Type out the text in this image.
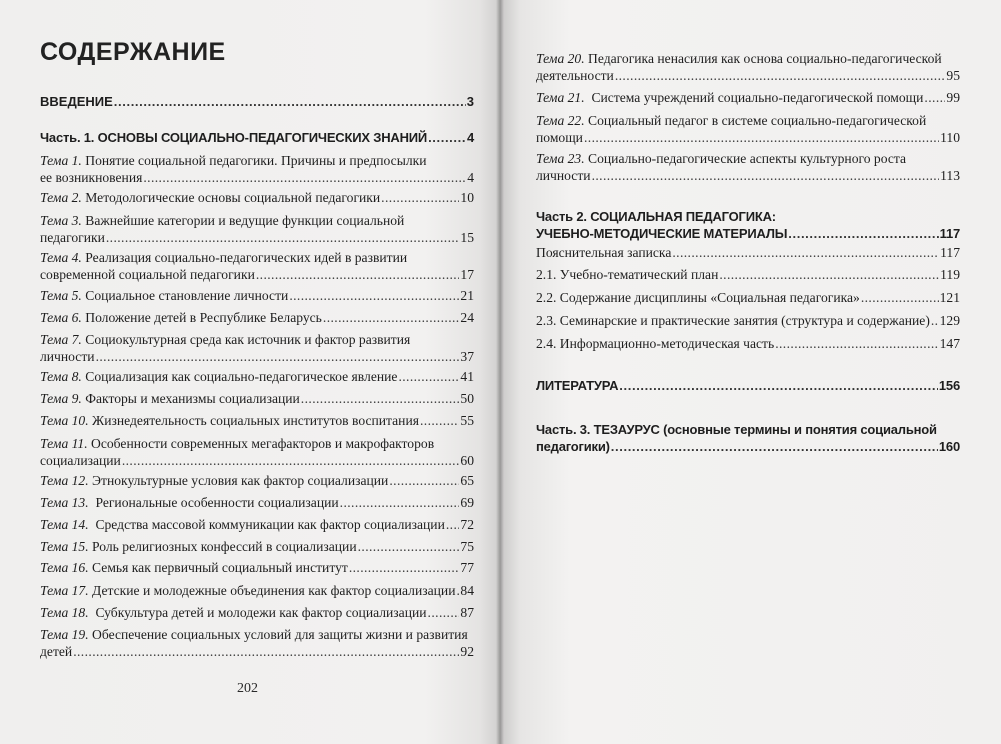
СОДЕРЖАНИЕ
ВВЕДЕНИЕ . . .	3
Часть. 1. ОСНОВЫ СОЦИАЛЬНО-ПЕДАГОГИЧЕСКИХ ЗНАНИЙ . . .	4
Тема 1. Понятие социальной педагогики. Причины и предпосылки
ее возникновения . . .	4
Тема 2.
Методологические основы социальной педагогики . . .	10
Тема 3. Важнейшие категории и ведущие функции социальной
педагогики . . .	15
Тема 4. Реализация социально-педагогических идей в развитии
современной социальной педагогики . . .	17
Тема 5.
Социальное становление личности . . .	21
Тема 6.
Положение детей в Республике Беларусь . . .	24
Тема 7. Социокультурная среда как источник и фактор развития
личности . . .	37
Тема 8.
Социализация как социально-педагогическое явление . . .	41
Тема 9.
Факторы и механизмы социализации . . .	50
Тема 10.
Жизнедеятельность социальных институтов воспитания . . .	55
Тема 11. Особенности современных мегафакторов и макрофакторов
социализации . . .	60
Тема 12.
Этнокультурные условия как фактор социализации . . .	65
Тема 13.
Региональные особенности социализации . . .	69
Тема 14.
Средства массовой коммуникации как фактор социализации . . . 72
Тема 15.
Роль религиозных конфессий в социализации . . .	75
Тема 16.
Семья как первичный социальный институт . . .	77
Тема 17.
Детские и молодежные объединения как фактор социализации . . . 84
Тема 18.
Субкультура детей и молодежи как фактор социализации . . . 87
Тема 19. Обеспечение социальных условий для защиты жизни и развития
детей . . .	92
202
Тема 20. Педагогика ненасилия как основа социально-педагогической
деятельности . . .	95
Тема 21.
Система учреждений социально-педагогической помощи . . . 99
Тема 22. Социальный педагог в системе социально-педагогической
помощи . . .	110
Тема 23. Социально-педагогические аспекты культурного роста
личности . . .	113
Часть 2. СОЦИАЛЬНАЯ ПЕДАГОГИКА:
УЧЕБНО-МЕТОДИЧЕСКИЕ МАТЕРИАЛЫ . . .	117
Пояснительная записка . . .	117
2.1. Учебно-тематический план . . .	119
2.2. Содержание дисциплины «Социальная педагогика» . . .	121
2.3. Семинарские и практические занятия (структура и содержание) . . . 129
2.4. Информационно-методическая часть . . .	147
ЛИТЕРАТУРА . . .	156
Часть. 3. ТЕЗАУРУС (основные термины и понятия социальной
педагогики) . . .	160
